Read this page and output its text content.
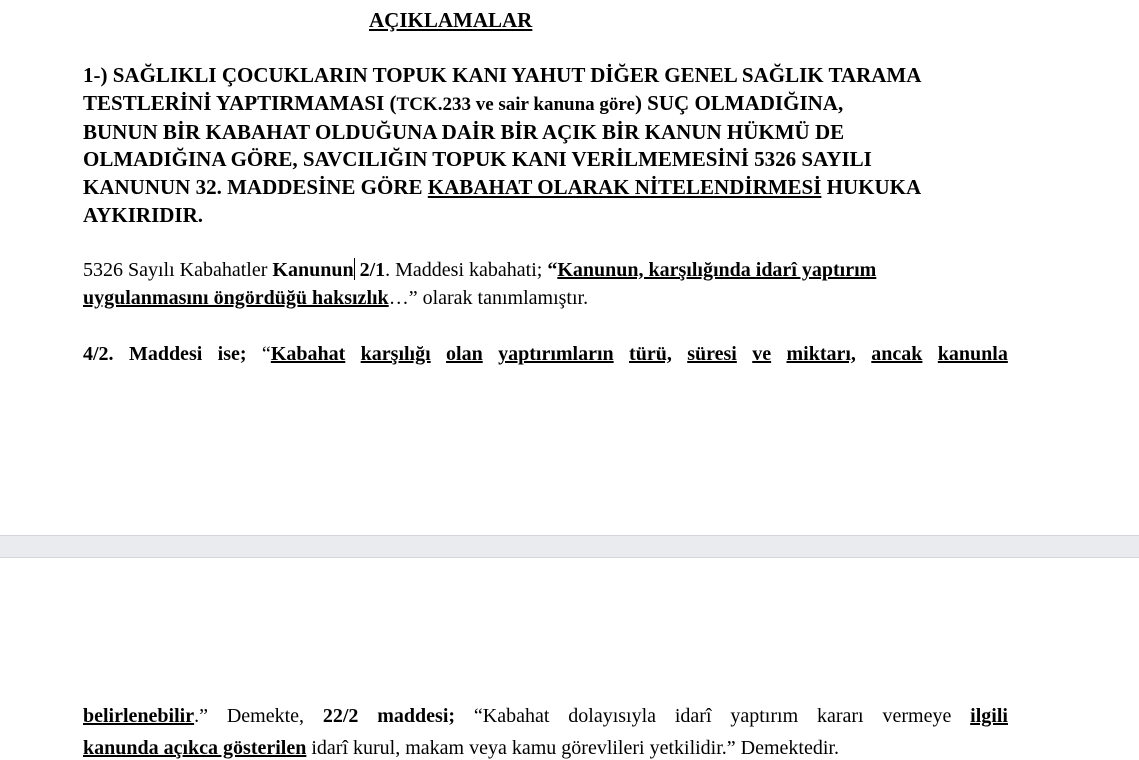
AÇIKLAMALAR
1-) SAĞLIKLI ÇOCUKLARIN TOPUK KANI YAHUT DİĞER GENEL SAĞLIK TARAMA
TESTLERİNİ YAPTIRMAMASI (TCK.233 ve sair kanuna göre) SUÇ OLMADIĞINA,
BUNUN BİR KABAHAT OLDUĞUNA DAİR BİR AÇIK BİR KANUN HÜKMÜ DE
OLMADIĞINA GÖRE, SAVCILIĞIN TOPUK KANI VERİLMEMESİNİ 5326 SAYILI
KANUNUN 32. MADDESİNE GÖRE KABAHAT OLARAK NİTELENDİRMESİ HUKUKA
AYKIRIDIR.
5326 Sayılı Kabahatler Kanunun 2/1. Maddesi kabahati; “Kanunun, karşılığında idarî yaptırım
uygulanmasını öngördüğü haksızlık…” olarak tanımlamıştır.
4/2. Maddesi ise; “Kabahat karşılığı olan yaptırımların türü, süresi ve miktarı, ancak kanunla
belirlenebilir.” Demekte, 22/2 maddesi; “Kabahat dolayısıyla idarî yaptırım kararı vermeye ilgili
kanunda açıkca gösterilen idarî kurul, makam veya kamu görevlileri yetkilidir.” Demektedir.
